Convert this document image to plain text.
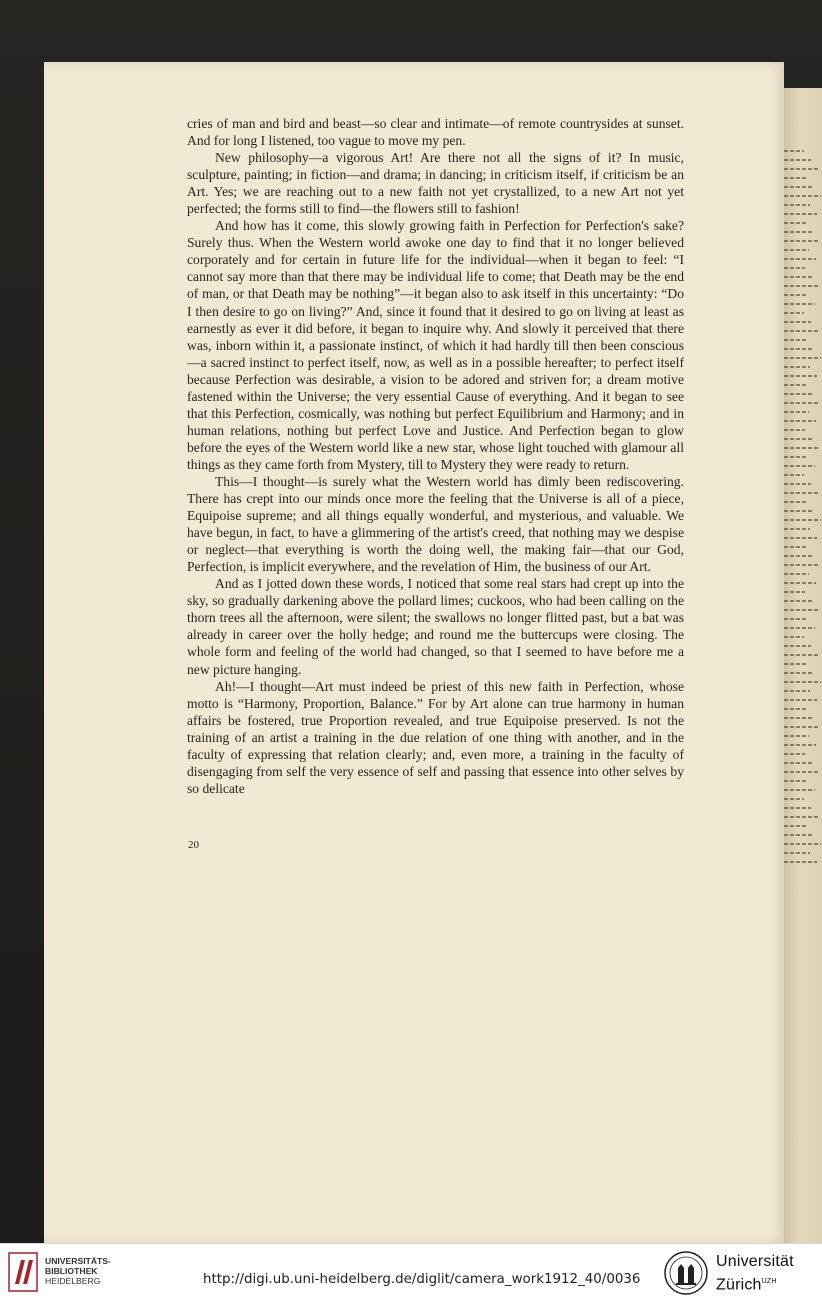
cries of man and bird and beast—so clear and intimate—of remote countrysides at sunset. And for long I listened, too vague to move my pen.

New philosophy—a vigorous Art! Are there not all the signs of it? In music, sculpture, painting; in fiction—and drama; in dancing; in criticism itself, if criticism be an Art. Yes; we are reaching out to a new faith not yet crystallized, to a new Art not yet perfected; the forms still to find—the flowers still to fashion!

And how has it come, this slowly growing faith in Perfection for Perfection's sake? Surely thus. When the Western world awoke one day to find that it no longer believed corporately and for certain in future life for the individual—when it began to feel: “I cannot say more than that there may be individual life to come; that Death may be the end of man, or that Death may be nothing”—it began also to ask itself in this uncertainty: “Do I then desire to go on living?” And, since it found that it desired to go on living at least as earnestly as ever it did before, it began to inquire why. And slowly it perceived that there was, inborn within it, a passionate instinct, of which it had hardly till then been conscious—a sacred instinct to perfect itself, now, as well as in a possible hereafter; to perfect itself because Perfection was desirable, a vision to be adored and striven for; a dream motive fastened within the Universe; the very essential Cause of everything. And it began to see that this Perfection, cosmically, was nothing but perfect Equilibrium and Harmony; and in human relations, nothing but perfect Love and Justice. And Perfection began to glow before the eyes of the Western world like a new star, whose light touched with glamour all things as they came forth from Mystery, till to Mystery they were ready to return.

This—I thought—is surely what the Western world has dimly been rediscovering. There has crept into our minds once more the feeling that the Universe is all of a piece, Equipoise supreme; and all things equally wonderful, and mysterious, and valuable. We have begun, in fact, to have a glimmering of the artist's creed, that nothing may we despise or neglect—that everything is worth the doing well, the making fair—that our God, Perfection, is implicit everywhere, and the revelation of Him, the business of our Art.

And as I jotted down these words, I noticed that some real stars had crept up into the sky, so gradually darkening above the pollard limes; cuckoos, who had been calling on the thorn trees all the afternoon, were silent; the swallows no longer flitted past, but a bat was already in career over the holly hedge; and round me the buttercups were closing. The whole form and feeling of the world had changed, so that I seemed to have before me a new picture hanging.

Ah!—I thought—Art must indeed be priest of this new faith in Perfection, whose motto is “Harmony, Proportion, Balance.” For by Art alone can true harmony in human affairs be fostered, true Proportion revealed, and true Equipoise preserved. Is not the training of an artist a training in the due relation of one thing with another, and in the faculty of expressing that relation clearly; and, even more, a training in the faculty of disengaging from self the very essence of self and passing that essence into other selves by so delicate

20
UNIVERSITÄTS-
BIBLIOTHEK
HEIDELBERG	http://digi.ub.uni-heidelberg.de/diglit/camera_work1912_40/0036
Universität
Zürich$^{UZH}$
